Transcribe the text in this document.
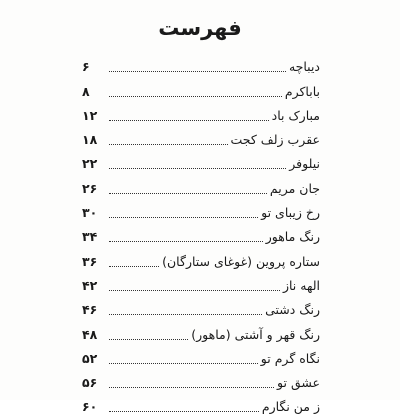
فهرست
دیباچه
۶
باباکرم
۸
مبارک باد
۱۲
عقرب زلف کجت
۱۸
نیلوفر
۲۲
جان مریم
۲۶
رخ زیبای تو
۳۰
رنگ ماهور
۳۴
ستاره پروین (غوغای ستارگان)
۳۶
الهه ناز
۴۲
رنگ دشتی
۴۶
رنگ قهر و آشتی (ماهور)
۴۸
نگاه گرم تو
۵۲
عشق تو
۵۶
ز من نگارم
۶۰
